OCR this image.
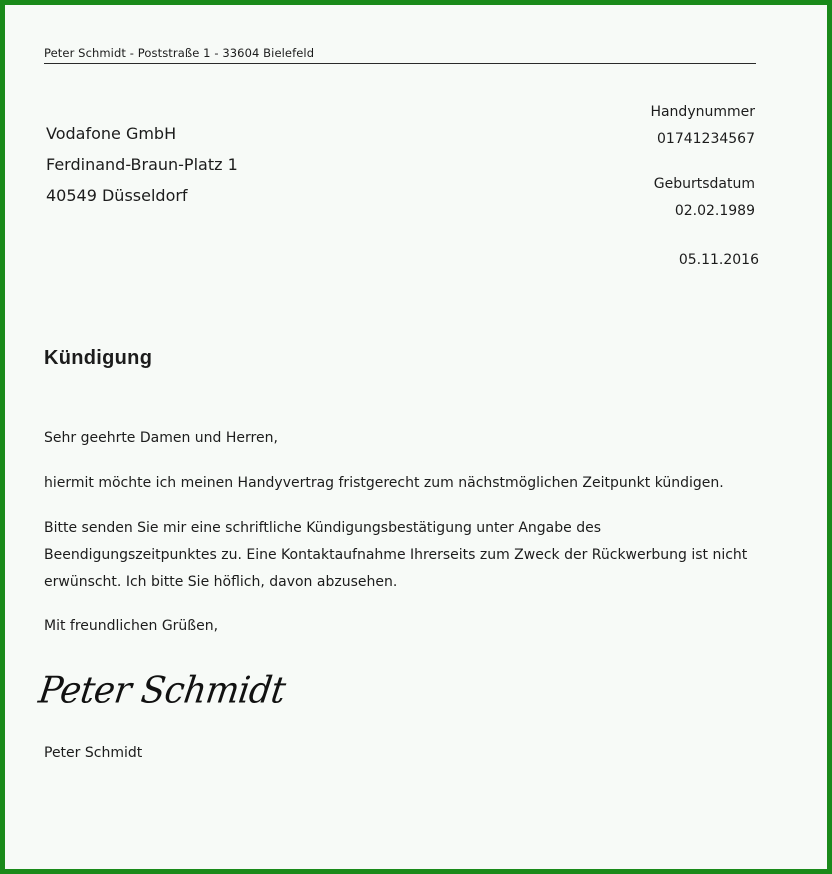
Peter Schmidt - Poststraße 1 - 33604 Bielefeld
Vodafone GmbH
Ferdinand-Braun-Platz 1
40549 Düsseldorf
Handynummer
01741234567
Geburtsdatum
02.02.1989
05.11.2016
Kündigung
Sehr geehrte Damen und Herren,
hiermit möchte ich meinen Handyvertrag fristgerecht zum nächstmöglichen Zeitpunkt kündigen.
Bitte senden Sie mir eine schriftliche Kündigungsbestätigung unter Angabe des Beendigungszeitpunktes zu. Eine Kontaktaufnahme Ihrerseits zum Zweck der Rückwerbung ist nicht erwünscht. Ich bitte Sie höflich, davon abzusehen.
Mit freundlichen Grüßen,
Peter Schmidt
Peter Schmidt
